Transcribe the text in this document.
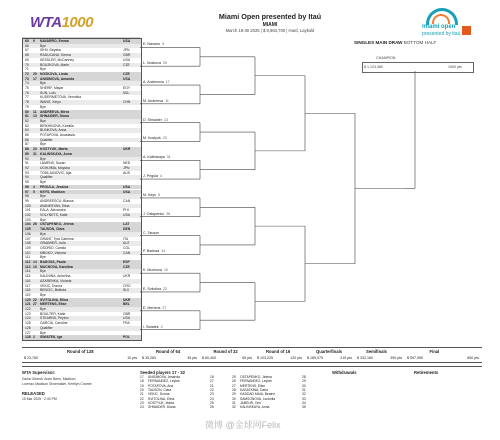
WTA1000	Miami Open presented by Itaú
MIAMI
March 18-30 2025 | $ 8,963,700 | Hard, Laykold
miami open
presented by itaú
SINGLES MAIN DRAW BOTTOM HALF
CHAMPION
$ 1,124,380	1000 pts
65	9	NAVARRO, Emma	USA
66	Bye
67	ISHII, Sayaka	JPN
68	RADUCANU, Emma	GBR
69	KESSLER, McCartney	USA
70	BOUZKOVA, Marie	CZE
71	Bye
72	20 NOSKOVA, Linda	CZE
73	17 ANISIMOVA, Amanda	USA
74	Bye
75	SHERIF, Mayar	EGY
76	SUN, Lulu	NZL
77	KUDERMETOVA, Veronika
78	WANG, Xinyu	CHN
79	Bye
80	11	ANDREEVA, Mirra
81	13 SHNAIDER, Diana
82	Bye
83	BIRKHINOVA, Kamilla
84	BLINKOVA, Anna
85	POTAPOVA, Anastasia
86	Qualifier
87	Bye
88	23 KOSTYUK, Marta	UKR
89	31 KALINSKAYA, Anna
90	Bye
91	LAMENS, Suzan	NED
92	UCHIJIMA, Moyuka	JPN
93	TOMLJANOVIC, Ajla	AUS
94	Qualifier
95	Bye
96	4	PEGULA, Jessica	USA
97	5	KEYS, Madison	USA
98	Bye
99	ANDREESCU, Bianca	CAN
100	AVANESYAN, Elina
101	EALA, Alexandra	PHI
102	VOLYNETS, Katie	USA
103	Bye
104 26 OSTAPENKO, Jelena	LAT
105	TAUSON, Clara	DEN
106	Bye
107	GRANT, Tyra Caterina	ITA
108	GRABHER, Julia	AUT
109	OSORIO, Camila	COL
110	MBOKO, Victoria	CAN
111	Bye
112 14 BADOSA, Paula	ESP
113 10 MUCHOVA, Karolina	CZE
114	Bye
115	KALININA, Anhelina	UKR
116	AZARENKA, Victoria
117	VEKIC, Donna	CRO
118	BENCIC, Belinda	SUI
119	Bye
120 22 SVITOLINA, Elina	UKR
121 27 MERTENS, Elise	BEL
122	Bye
123	BOULTER, Katie	GBR
124	STEARNS, Peyton	USA
125	GARCIA, Caroline	FRA
126	Qualifier
127	Bye
128 2	SWIATEK, Iga	POL
E. Navarro 9
L. Noskova 20
A. Anisimova 17
M. Andreeva 11
D. Shnaider 13
M. Kostyuk 23
A. Kalinskaya 31
J. Pegula 4
M. Keys 5
J. Ostapenko 26
C. Tauson
P. Badosa 14
K. Muchova 10
E. Svitolina 22
E. Mertens 27
I. Swiatek 2
Round of 128
$ 23,760	10 pts
Round of 64
$ 35,260	35 pts
Round of 32
$ 60,400	65 pts
Round of 16
$ 103,225	120 pts
Quarterfinals
$ 189,075	215 pts
Semifinals
$ 332,160	390 pts
Final
$ 597,950	650 pts
WTA Supervisor:
Giulia Orlandi, Anne Bees, Madison
Lorenzo Madison Shoemaker, Kerrilyn Cramer
RELEASED
15 Mar 2025 · 2:40 PM
Seeded players 17 - 32
17 ANISIMOVA, Amanda	18
18 FERNANDEZ, Leylah	27
19 POTAPOVA, Ana	21
20 TAUSON, Clara	22
21 VEKIC, Donna	23
22 SVITOLINA, Elina	24
23 KOSTYUK, Marta	25
24 SHNAIDER, Diana	26
25 OSTAPENKO, Jelena	28
26 FERNANDEZ, Leylah	29
27 MERTENS, Elise	30
28 KASATKINA, Daria	31
29 HADDAD MAIA, Beatriz	32
30 SAMSONOVA, Liudmila	33
31 JABEUR, Ons	34
32 KALINSKAYA, Anna	35
Withdrawals	Retirements
微博 @金球网Felix
